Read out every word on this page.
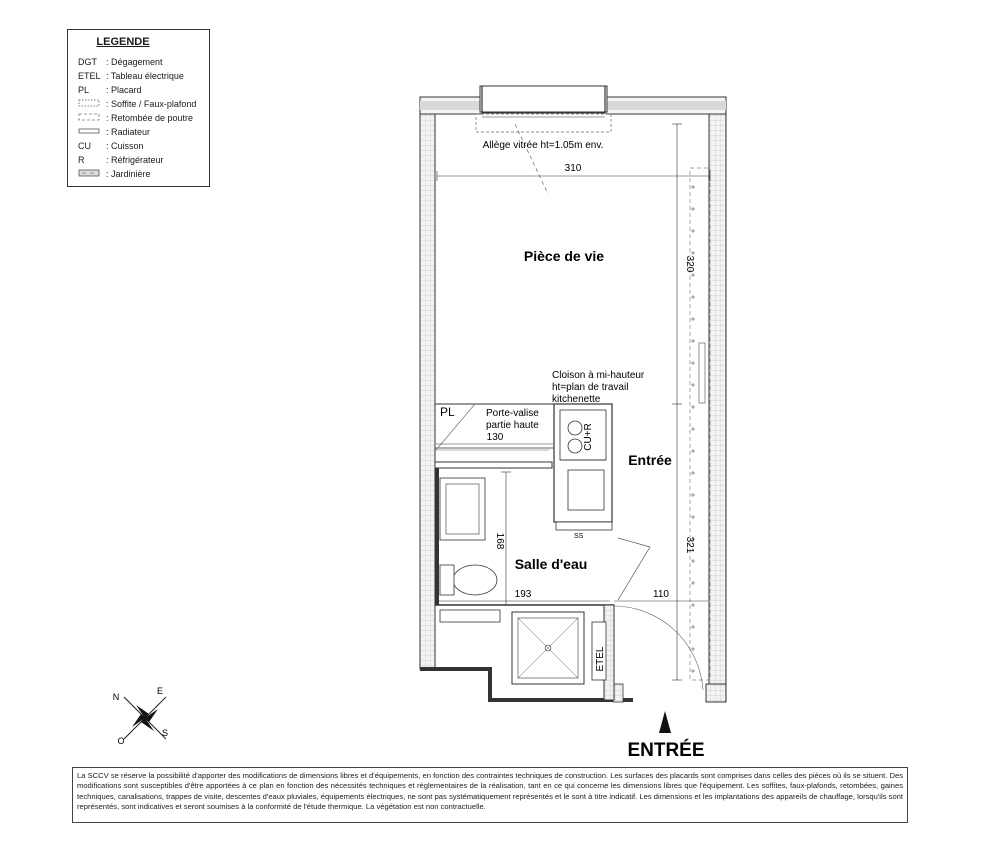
LEGENDE
DGT : Dégagement
ETEL : Tableau électrique
PL : Placard
: Soffite / Faux-plafond
: Retombée de poutre
: Radiateur
CU : Cuisson
R : Réfrigérateur
: Jardinière
Pièce de vie
Entrée
Salle d'eau
Allège vitrée ht=1.05m env.
Cloison à mi-hauteur
ht=plan de travail
kitchenette
PL	Porte-valise
partie haute	CU+R
SS
ETEL
310
320
130
168
193	110
321
ENTRÉE
N
E
S
O
La SCCV se réserve la possibilité d'apporter des modifications de dimensions libres et d'équipements, en fonction des contraintes techniques de construction. Les surfaces des placards sont comprises dans celles des pièces où ils se situent. Des modifications sont susceptibles d'être apportées à ce plan en fonction des nécessités techniques et réglementaires de la réalisation, tant en ce qui concerne les dimensions libres que l'équipement. Les soffites, faux-plafonds, retombées, gaines techniques, canalisations, trappes de visite, descentes d'eaux pluviales, équipements électriques, ne sont pas systématiquement représentés et le sont à titre indicatif. Les dimensions et les implantations des appareils de chauffage, lorsqu'ils sont représentés, sont indicatives et seront soumises à la conformité de l'étude thermique. La végétation est non contractuelle.
